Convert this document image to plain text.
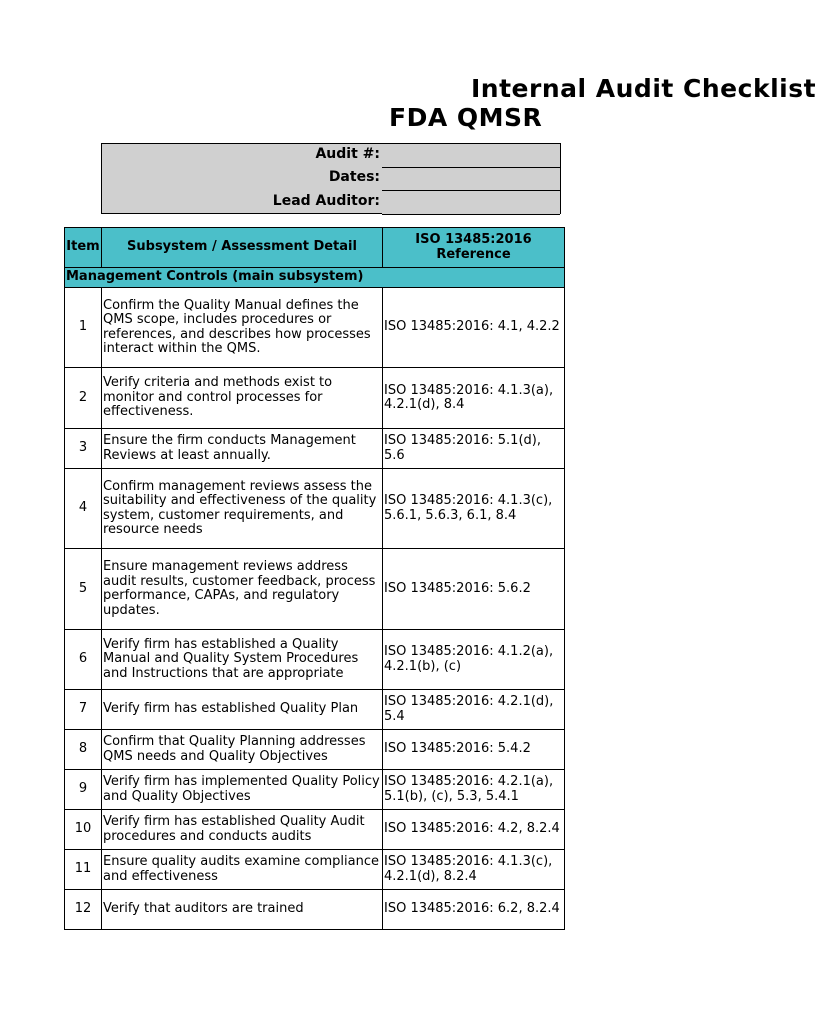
Internal Audit Checklist
FDA QMSR
Audit #:
Dates:
Lead Auditor:
Item	Subsystem / Assessment Detail	ISO 13485:2016 Reference
Management Controls (main subsystem)		
1	Confirm the Quality Manual defines the QMS scope, includes procedures or references, and describes how processes interact within the QMS.	ISO 13485:2016: 4.1, 4.2.2
2	Verify criteria and methods exist to monitor and control processes for effectiveness.	ISO 13485:2016: 4.1.3(a), 4.2.1(d), 8.4
3	Ensure the firm conducts Management Reviews at least annually.	ISO 13485:2016: 5.1(d), 5.6
4	Confirm management reviews assess the suitability and effectiveness of the quality system, customer requirements, and resource needs	ISO 13485:2016: 4.1.3(c), 5.6.1, 5.6.3, 6.1, 8.4
5	Ensure management reviews address audit results, customer feedback, process performance, CAPAs, and regulatory updates.	ISO 13485:2016: 5.6.2
6	Verify firm has established a Quality Manual and Quality System Procedures and Instructions that are appropriate	ISO 13485:2016: 4.1.2(a), 4.2.1(b), (c)
7	Verify firm has established Quality Plan	ISO 13485:2016: 4.2.1(d), 5.4
8	Confirm that Quality Planning addresses QMS needs and Quality Objectives	ISO 13485:2016: 5.4.2
9	Verify firm has implemented Quality Policy and Quality Objectives	ISO 13485:2016: 4.2.1(a), 5.1(b), (c), 5.3, 5.4.1
10	Verify firm has established Quality Audit procedures and conducts audits	ISO 13485:2016: 4.2, 8.2.4
11	Ensure quality audits examine compliance and effectiveness	ISO 13485:2016: 4.1.3(c), 4.2.1(d), 8.2.4
12	Verify that auditors are trained	ISO 13485:2016: 6.2, 8.2.4
